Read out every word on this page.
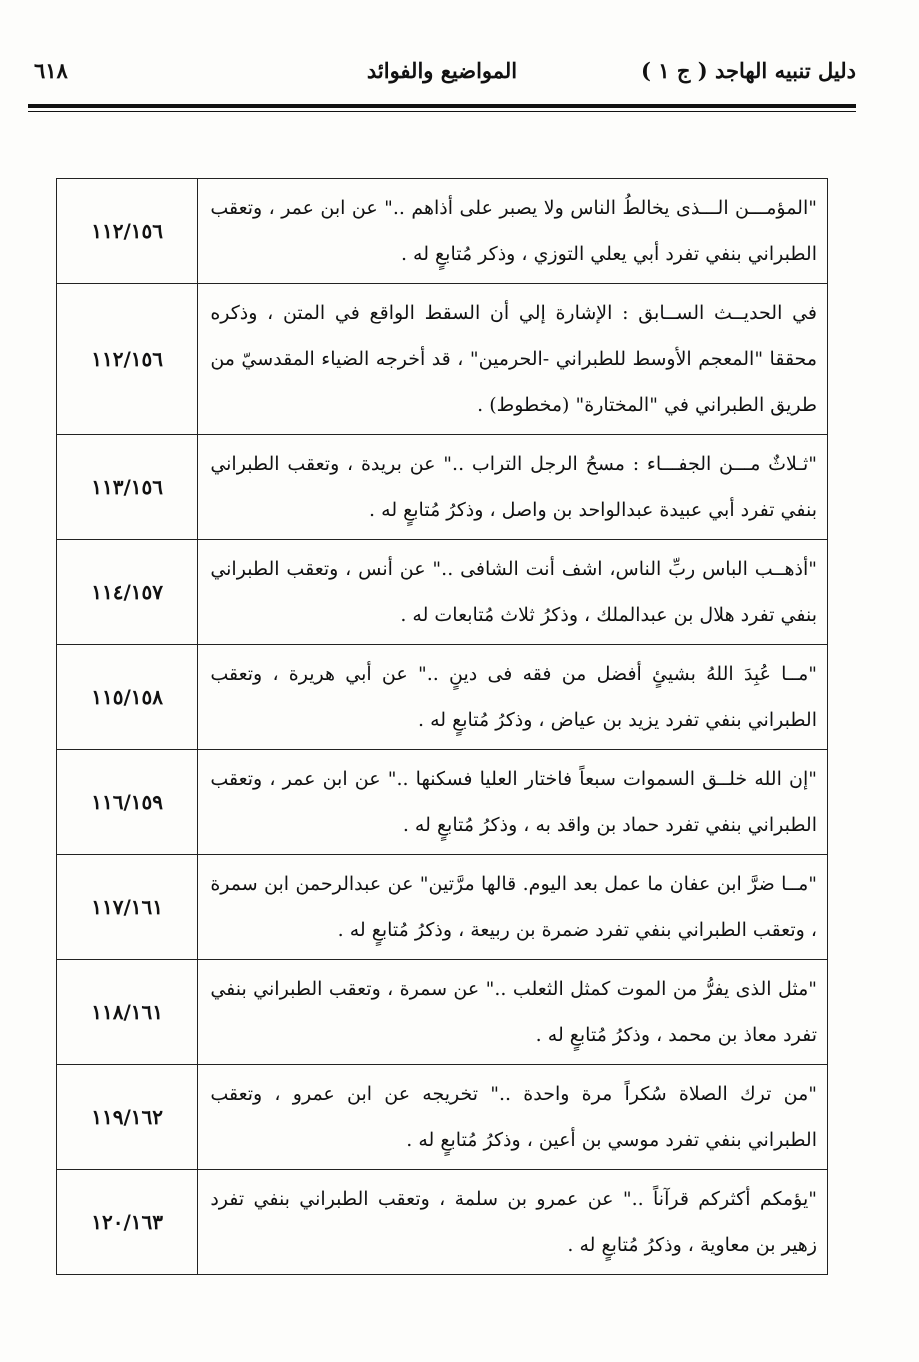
دليل تنبيه الهاجد ( ج ١ )
المواضيع والفوائد
٦١٨
"المؤمـــن الـــذى يخالطُ الناس ولا يصبر على أذاهم .." عن ابن عمر ، وتعقب الطبراني بنفي تفرد أبي يعلي التوزي ، وذكر مُتابعٍ له .	١١٢/١٥٦
في الحديــث الســابق : الإشارة إلي أن السقط الواقع في المتن ، وذكره محققا "المعجم الأوسط للطبراني -الحرمين" ، قد أخرجه الضياء المقدسيّ من طريق الطبراني في "المختارة" (مخطوط) .	١١٢/١٥٦
"ثـلاثٌ مـــن الجفـــاء : مسحُ الرجل التراب .." عن بريدة ، وتعقب الطبراني بنفي تفرد أبي عبيدة عبدالواحد بن واصل ، وذكرُ مُتابعٍ له .	١١٣/١٥٦
"أذهــب الباس ربِّ الناس، اشف أنت الشافى .." عن أنس ، وتعقب الطبراني بنفي تفرد هلال بن عبدالملك ، وذكرُ ثلاث مُتابعات له .	١١٤/١٥٧
"مــا عُبِدَ اللهُ بشيئٍ أفضل من فقه فى دينٍ .." عن أبي هريرة ، وتعقب الطبراني بنفي تفرد يزيد بن عياض ، وذكرُ مُتابعٍ له .	١١٥/١٥٨
"إن الله خلــق السموات سبعاً فاختار العليا فسكنها .." عن ابن عمر ، وتعقب الطبراني بنفي تفرد حماد بن واقد به ، وذكرُ مُتابعٍ له .	١١٦/١٥٩
"مــا ضرَّ ابن عفان ما عمل بعد اليوم. قالها مرَّتين" عن عبدالرحمن ابن سمرة ، وتعقب الطبراني بنفي تفرد ضمرة بن ربيعة ، وذكرُ مُتابعٍ له .	١١٧/١٦١
"مثل الذى يفرُّ من الموت كمثل الثعلب .." عن سمرة ، وتعقب الطبراني بنفي تفرد معاذ بن محمد ، وذكرُ مُتابعٍ له .	١١٨/١٦١
"من ترك الصلاة سُكراً مرة واحدة .." تخريجه عن ابن عمرو ، وتعقب الطبراني بنفي تفرد موسي بن أعين ، وذكرُ مُتابعٍ له .	١١٩/١٦٢
"يؤمكم أكثركم قرآناً .." عن عمرو بن سلمة ، وتعقب الطبراني بنفي تفرد زهير بن معاوية ، وذكرُ مُتابعٍ له .	١٢٠/١٦٣
